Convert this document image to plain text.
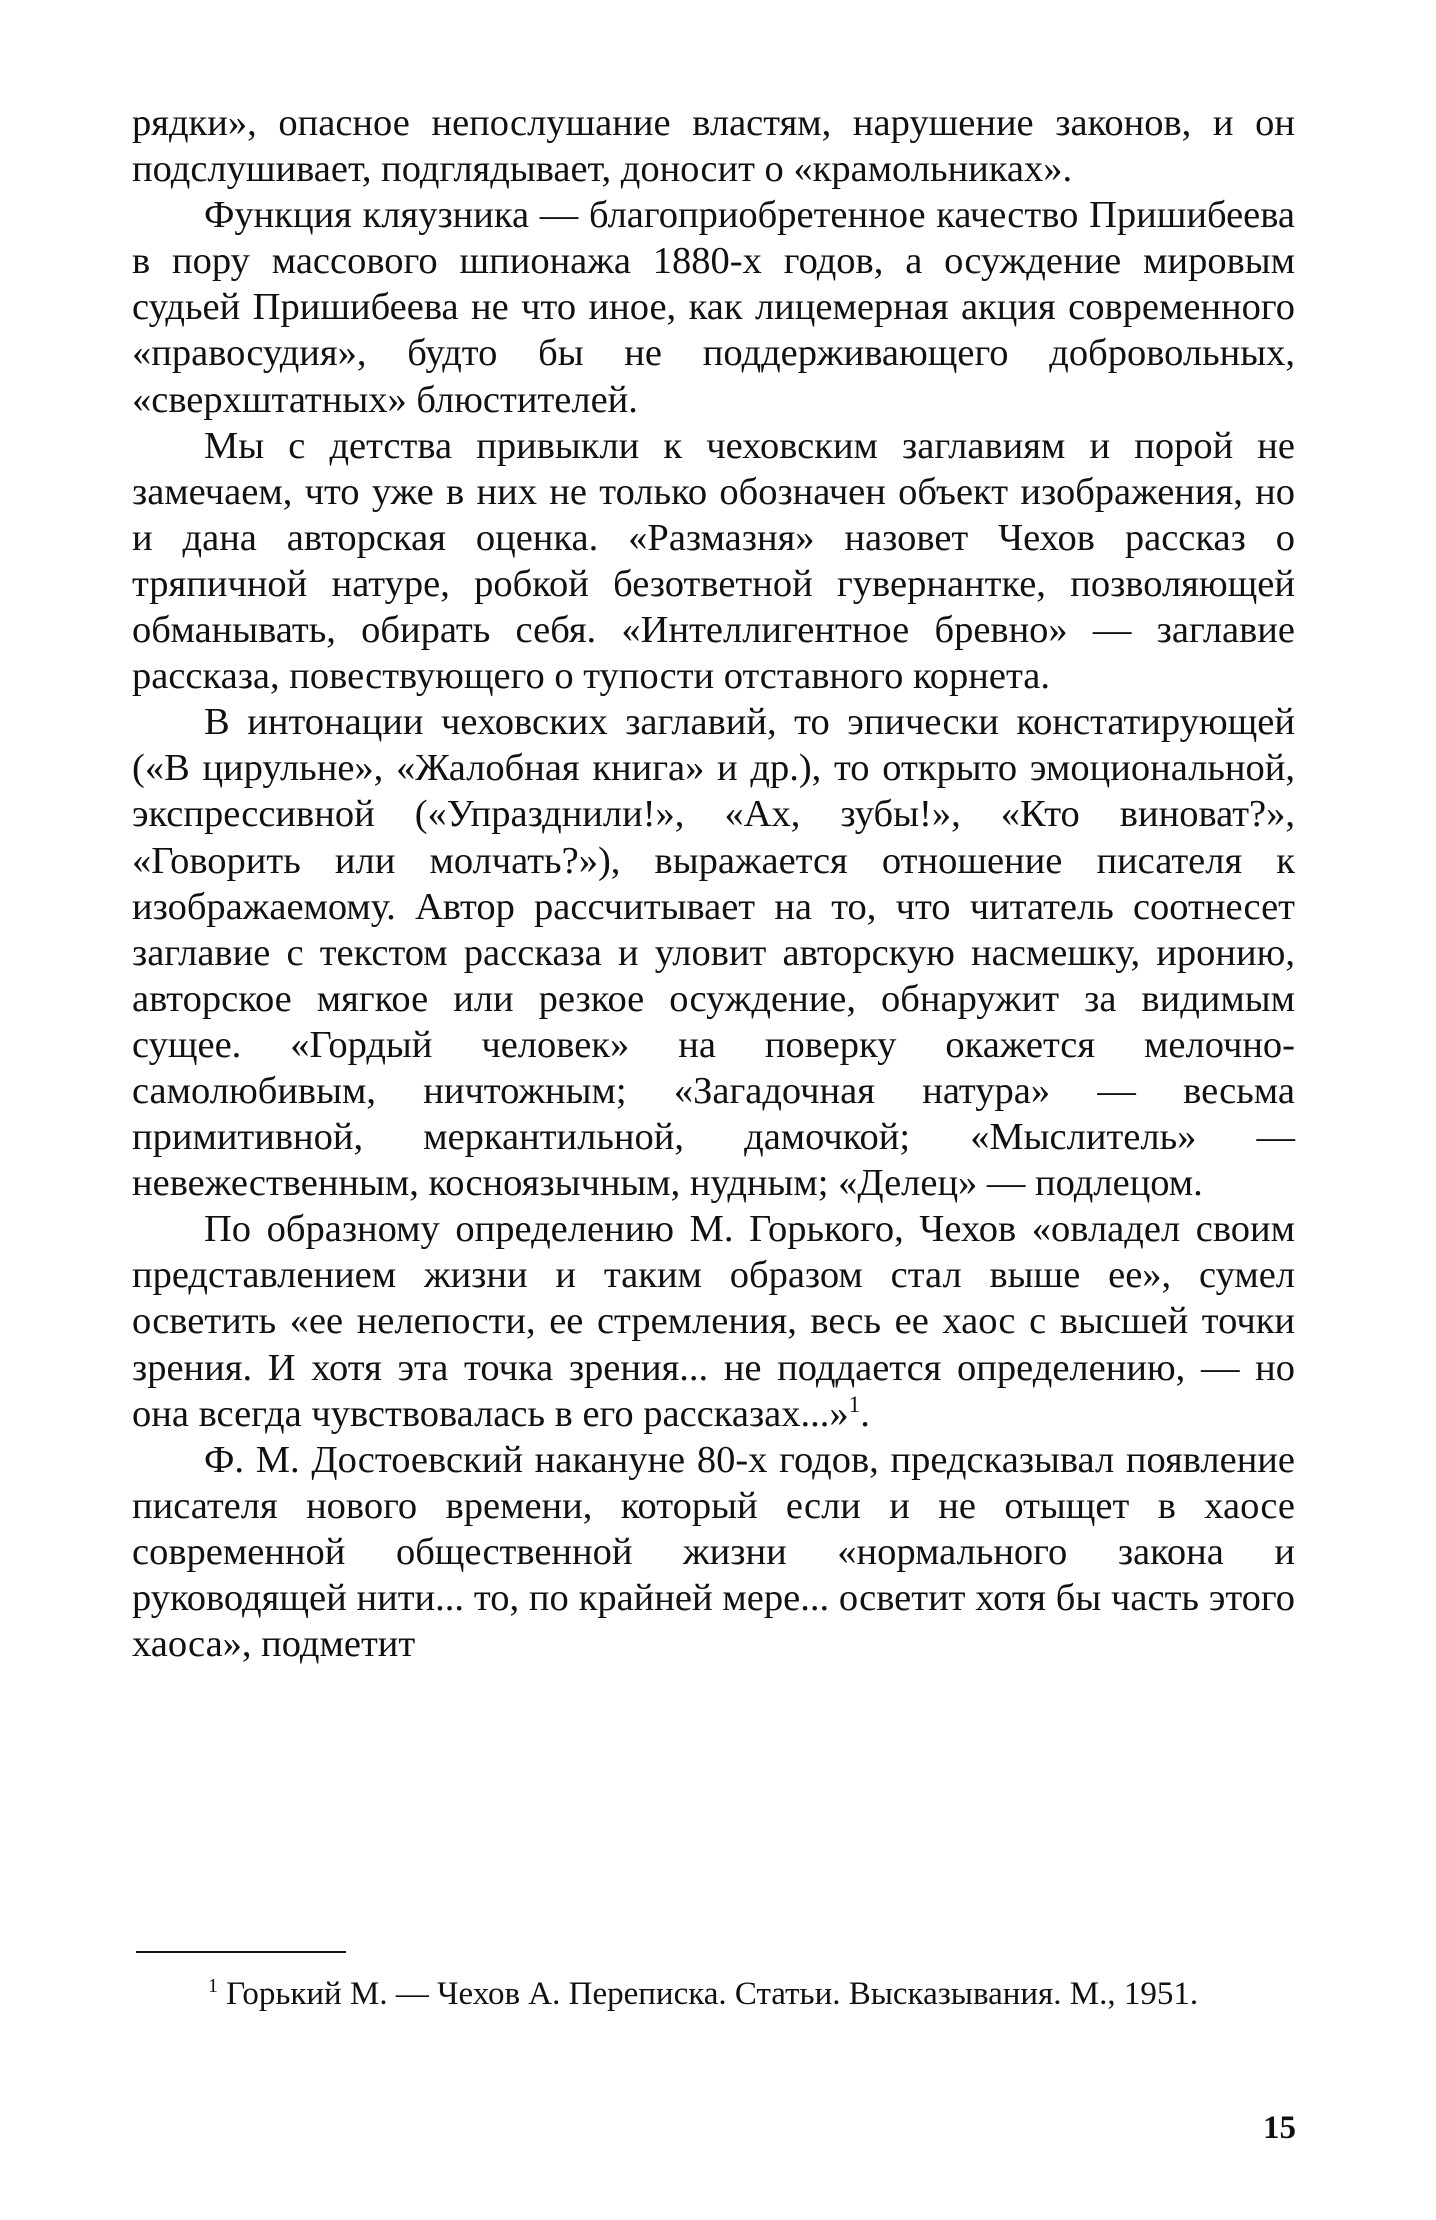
рядки», опасное непослушание властям, нарушение законов, и он подслушивает, подглядывает, доносит о «крамольниках».

Функция кляузника — благоприобретенное качество Пришибеева в пору массового шпионажа 1880-х годов, а осуждение мировым судьей Пришибеева не что иное, как лицемерная акция современного «правосудия», будто бы не поддерживающего добровольных, «сверхштатных» блюстителей.

Мы с детства привыкли к чеховским заглавиям и порой не замечаем, что уже в них не только обозначен объект изображения, но и дана авторская оценка. «Размазня» назовет Чехов рассказ о тряпичной натуре, робкой безответной гувернантке, позволяющей обманывать, обирать себя. «Интеллигентное бревно» — заглавие рассказа, повествующего о тупости отставного корнета.

В интонации чеховских заглавий, то эпически констатирующей («В цирульне», «Жалобная книга» и др.), то открыто эмоциональной, экспрессивной («Упразднили!», «Ах, зубы!», «Кто виноват?», «Говорить или молчать?»), выражается отношение писателя к изображаемому. Автор рассчитывает на то, что читатель соотнесет заглавие с текстом рассказа и уловит авторскую насмешку, иронию, авторское мягкое или резкое осуждение, обнаружит за видимым сущее. «Гордый человек» на поверку окажется мелочно-самолюбивым, ничтожным; «Загадочная натура» — весьма примитивной, меркантильной, дамочкой; «Мыслитель» — невежественным, косноязычным, нудным; «Делец» — подлецом.

По образному определению М. Горького, Чехов «овладел своим представлением жизни и таким образом стал выше ее», сумел осветить «ее нелепости, ее стремления, весь ее хаос с высшей точки зрения. И хотя эта точка зрения... не поддается определению, — но она всегда чувствовалась в его рассказах...»$^1$.

Ф. М. Достоевский накануне 80-х годов, предсказывал появление писателя нового времени, который если и не отыщет в хаосе современной общественной жизни «нормального закона и руководящей нити... то, по крайней мере... осветит хотя бы часть этого хаоса», подметит

$^1$ Горький М. — Чехов А. Переписка. Статьи. Высказывания. М., 1951.

15
